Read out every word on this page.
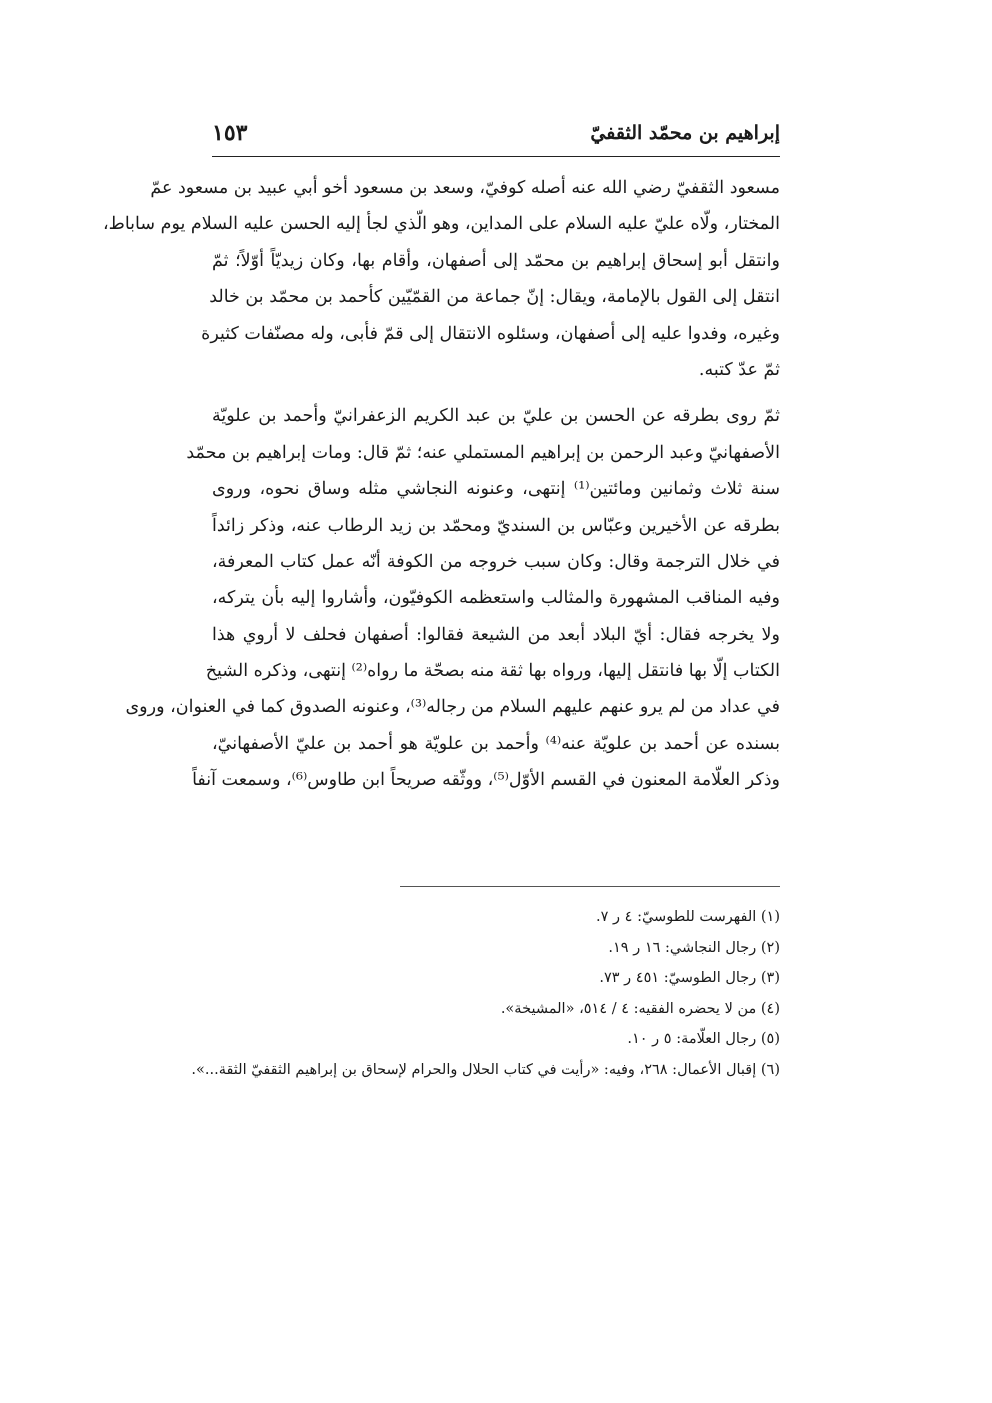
إبراهيم بن محمّد الثقفيّ
١٥٣
مسعود الثقفيّ رضي الله عنه أصله كوفيّ، وسعد بن مسعود أخو أبي عبيد بن مسعود عمّ
المختار، ولّاه عليّ عليه السلام على المداين، وهو الّذي لجأ إليه الحسن عليه السلام يوم ساباط،
وانتقل أبو إسحاق إبراهيم بن محمّد إلى أصفهان، وأقام بها، وكان زيديّاً أوّلاً؛ ثمّ
انتقل إلى القول بالإمامة، ويقال: إنّ جماعة من القمّيّين كأحمد بن محمّد بن خالد
وغيره، وفدوا عليه إلى أصفهان، وسئلوه الانتقال إلى قمّ فأبى، وله مصنّفات كثيرة
ثمّ عدّ كتبه.
ثمّ روى بطرقه عن الحسن بن عليّ بن عبد الكريم الزعفرانيّ وأحمد بن علويّة
الأصفهانيّ وعبد الرحمن بن إبراهيم المستملي عنه؛ ثمّ قال: ومات إبراهيم بن محمّد
سنة ثلاث وثمانين ومائتين⁽¹⁾ إنتهى، وعنونه النجاشي مثله وساق نحوه، وروى
بطرقه عن الأخيرين وعبّاس بن السنديّ ومحمّد بن زيد الرطاب عنه، وذكر زائداً
في خلال الترجمة وقال: وكان سبب خروجه من الكوفة أنّه عمل كتاب المعرفة،
وفيه المناقب المشهورة والمثالب واستعظمه الكوفيّون، وأشاروا إليه بأن يتركه،
ولا يخرجه فقال: أيّ البلاد أبعد من الشيعة فقالوا: أصفهان فحلف لا أروي هذا
الكتاب إلّا بها فانتقل إليها، ورواه بها ثقة منه بصحّة ما رواه⁽²⁾ إنتهى، وذكره الشيخ
في عداد من لم يرو عنهم عليهم السلام من رجاله⁽³⁾، وعنونه الصدوق كما في العنوان، وروى
بسنده عن أحمد بن علويّة عنه⁽⁴⁾ وأحمد بن علويّة هو أحمد بن عليّ الأصفهانيّ،
وذكر العلّامة المعنون في القسم الأوّل⁽⁵⁾، ووثّقه صريحاً ابن طاوس⁽⁶⁾، وسمعت آنفاً
(١) الفهرست للطوسيّ: ٤ ر ٧.
(٢) رجال النجاشي: ١٦ ر ١٩.
(٣) رجال الطوسيّ: ٤٥١ ر ٧٣.
(٤) من لا يحضره الفقيه: ٤ / ٥١٤، «المشيخة».
(٥) رجال العلّامة: ٥ ر ١٠.
(٦) إقبال الأعمال: ٢٦٨، وفيه: «رأيت في كتاب الحلال والحرام لإسحاق بن إبراهيم الثقفيّ الثقة...».
